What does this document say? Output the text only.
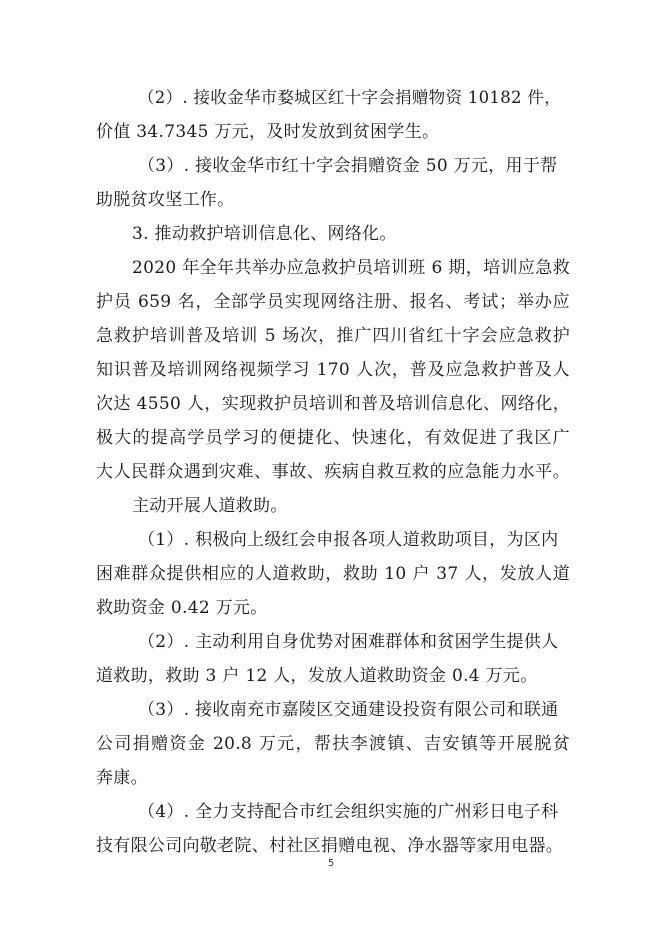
（2）. 接收金华市婺城区红十字会捐赠物资 10182 件，
价值 34.7345 万元，及时发放到贫困学生。
（3）. 接收金华市红十字会捐赠资金 50 万元，用于帮
助脱贫攻坚工作。
3. 推动救护培训信息化、网络化。
2020 年全年共举办应急救护员培训班 6 期，培训应急救
护员 659 名，全部学员实现网络注册、报名、考试；举办应
急救护培训普及培训 5 场次，推广四川省红十字会应急救护
知识普及培训网络视频学习 170 人次，普及应急救护普及人
次达 4550 人，实现救护员培训和普及培训信息化、网络化，
极大的提高学员学习的便捷化、快速化，有效促进了我区广
大人民群众遇到灾难、事故、疾病自救互救的应急能力水平。
主动开展人道救助。
（1）. 积极向上级红会申报各项人道救助项目，为区内
困难群众提供相应的人道救助，救助 10 户 37 人，发放人道
救助资金 0.42 万元。
（2）. 主动利用自身优势对困难群体和贫困学生提供人
道救助，救助 3 户 12 人，发放人道救助资金 0.4 万元。
（3）. 接收南充市嘉陵区交通建设投资有限公司和联通
公司捐赠资金 20.8 万元，帮扶李渡镇、吉安镇等开展脱贫
奔康。
（4）. 全力支持配合市红会组织实施的广州彩日电子科
技有限公司向敬老院、村社区捐赠电视、净水器等家用电器。
5
